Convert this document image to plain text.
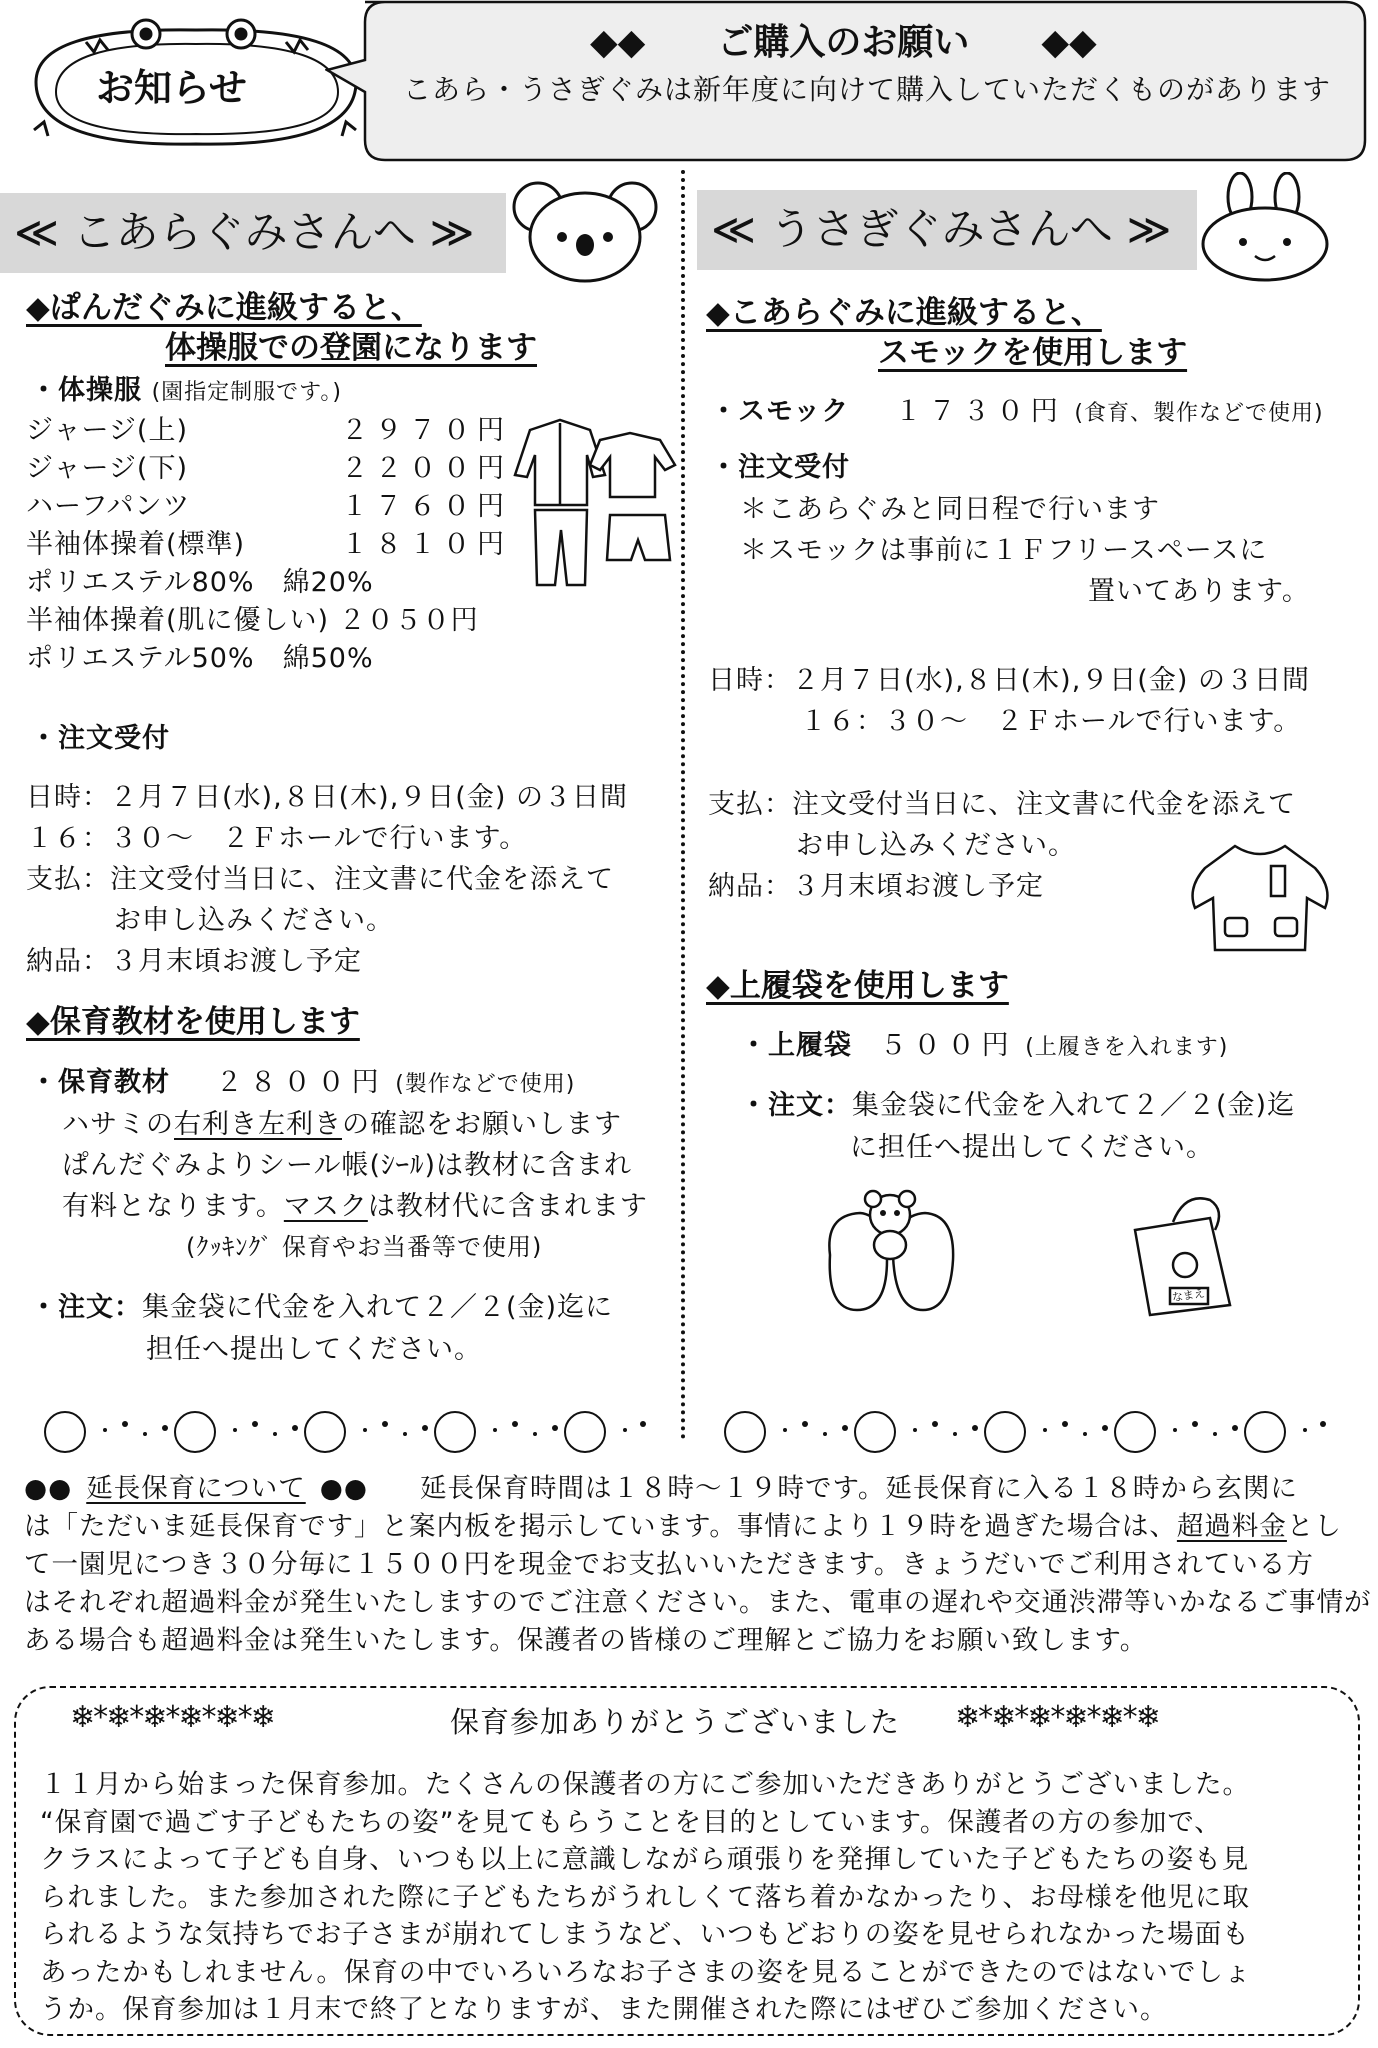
お知らせ
◆◆　　ご購入のお願い　　◆◆
こあら・うさぎぐみは新年度に向けて購入していただくものがあります
≪ こあらぐみさんへ ≫
◆ぱんだぐみに進級すると、
体操服での登園になります
・体操服 (園指定制服です。)
ジャージ(上)	２９７０円
ジャージ(下)	２２００円
ハーフパンツ	１７６０円
半袖体操着(標準)	１８１０円
ポリエステル80%　綿20%
半袖体操着(肌に優しい) ２０５０円
ポリエステル50%　綿50%
・注文受付
日時：２月７日(水),８日(木),９日(金) の３日間
１６：３０～　２Ｆホールで行います。
支払：注文受付当日に、注文書に代金を添えて
お申し込みください。
納品：３月末頃お渡し予定
◆保育教材を使用します
・保育教材 ２８００円 (製作などで使用)
ハサミの右利き左利きの確認をお願いします
ぱんだぐみよりシール帳(ｼｰﾙ)は教材に含まれ
有料となります。マスクは教材代に含まれます
(ｸｯｷﾝｸﾞ 保育やお当番等で使用)
・注文：集金袋に代金を入れて２／２(金)迄に
担任へ提出してください。
≪ うさぎぐみさんへ ≫
◆こあらぐみに進級すると、
スモックを使用します
・スモック １７３０円 (食育、製作などで使用)
・注文受付
＊こあらぐみと同日程で行います
＊スモックは事前に１Ｆフリースペースに
置いてあります。
日時：２月７日(水),８日(木),９日(金) の３日間
１６：３０～　２Ｆホールで行います。
支払：注文受付当日に、注文書に代金を添えて
お申し込みください。
納品：３月末頃お渡し予定
◆上履袋を使用します
・上履袋 ５００円 (上履きを入れます)
・注文：集金袋に代金を入れて２／２(金)迄
に担任へ提出してください。
なまえ
●● 延長保育について ●● 延長保育時間は１８時～１９時です。延長保育に入る１８時から玄関に
は「ただいま延長保育です」と案内板を掲示しています。事情により１９時を過ぎた場合は、超過料金とし
て一園児につき３０分毎に１５００円を現金でお支払いいただきます。きょうだいでご利用されている方
はそれぞれ超過料金が発生いたしますのでご注意ください。また、電車の遅れや交通渋滞等いかなるご事情が
ある場合も超過料金は発生いたします。保護者の皆様のご理解とご協力をお願い致します。
❄*❄*❄*❄*❄*❄	❄*❄*❄*❄*❄*❄
保育参加ありがとうございました
１１月から始まった保育参加。たくさんの保護者の方にご参加いただきありがとうございました。
“保育園で過ごす子どもたちの姿”を見てもらうことを目的としています。保護者の方の参加で、
クラスによって子ども自身、いつも以上に意識しながら頑張りを発揮していた子どもたちの姿も見
られました。また参加された際に子どもたちがうれしくて落ち着かなかったり、お母様を他児に取
られるような気持ちでお子さまが崩れてしまうなど、いつもどおりの姿を見せられなかった場面も
あったかもしれません。保育の中でいろいろなお子さまの姿を見ることができたのではないでしょ
うか。保育参加は１月末で終了となりますが、また開催された際にはぜひご参加ください。
